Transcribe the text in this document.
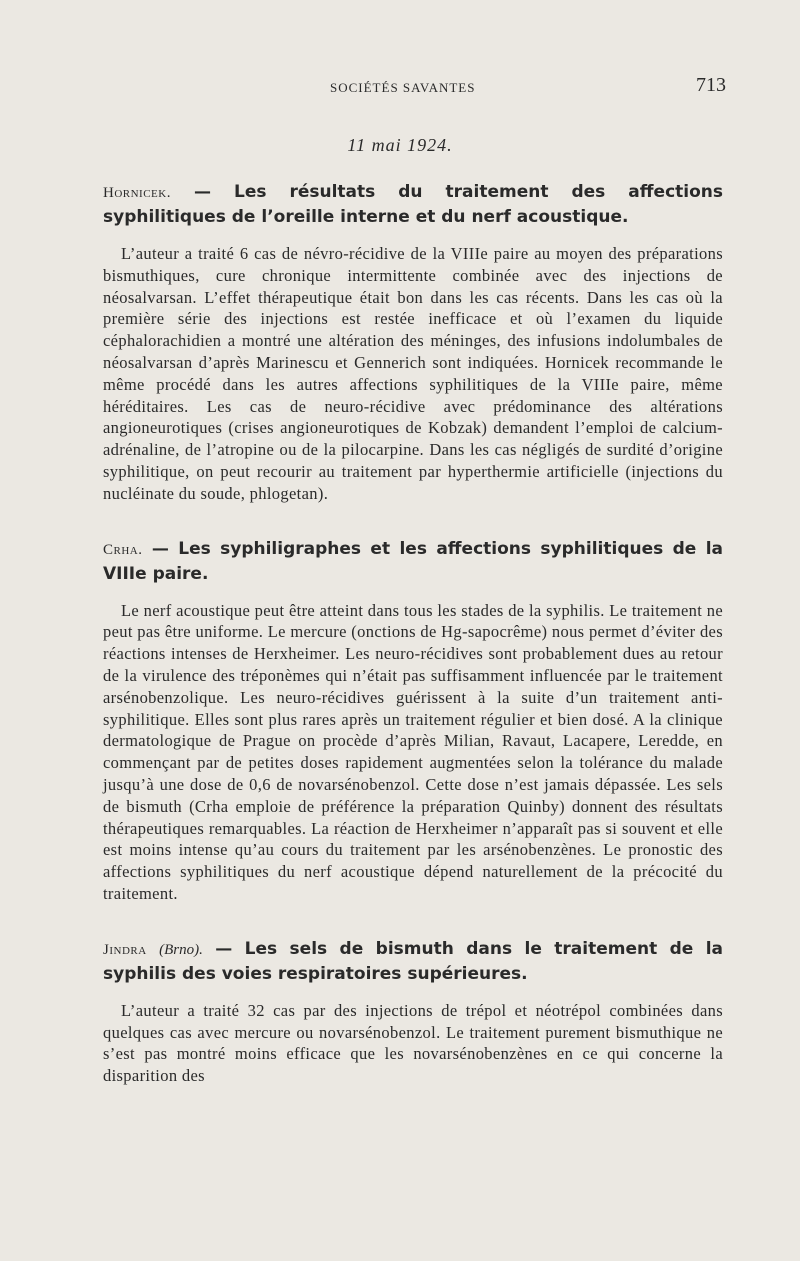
SOCIÉTÉS SAVANTES	713
11 mai 1924.
Hornicek. — Les résultats du traitement des affections syphilitiques de l’oreille interne et du nerf acoustique.
L’auteur a traité 6 cas de névro-récidive de la VIIIe paire au moyen des préparations bismuthiques, cure chronique intermittente combinée avec des injections de néosalvarsan. L’effet thérapeutique était bon dans les cas récents. Dans les cas où la première série des injections est restée inefficace et où l’examen du liquide céphalorachidien a montré une altération des méninges, des infusions indolumbales de néosalvarsan d’après Marinescu et Gennerich sont indiquées. Hornicek recommande le même procédé dans les autres affections syphilitiques de la VIIIe paire, même héréditaires. Les cas de neuro-récidive avec prédominance des altérations angioneurotiques (crises angioneurotiques de Kobzak) demandent l’emploi de calcium-adrénaline, de l’atropine ou de la pilocarpine. Dans les cas négligés de surdité d’origine syphilitique, on peut recourir au traitement par hyperthermie artificielle (injections du nucléinate du soude, phlogetan).
Crha. — Les syphiligraphes et les affections syphilitiques de la VIIIe paire.
Le nerf acoustique peut être atteint dans tous les stades de la syphilis. Le traitement ne peut pas être uniforme. Le mercure (onctions de Hg-sapocrême) nous permet d’éviter des réactions intenses de Herxheimer. Les neuro-récidives sont probablement dues au retour de la virulence des tréponèmes qui n’était pas suffisamment influencée par le traitement arsénobenzolique. Les neuro-récidives guérissent à la suite d’un traitement anti-syphilitique. Elles sont plus rares après un traitement régulier et bien dosé. A la clinique dermatologique de Prague on procède d’après Milian, Ravaut, Lacapere, Leredde, en commençant par de petites doses rapidement augmentées selon la tolérance du malade jusqu’à une dose de 0,6 de novarsénobenzol. Cette dose n’est jamais dépassée. Les sels de bismuth (Crha emploie de préférence la préparation Quinby) donnent des résultats thérapeutiques remarquables. La réaction de Herxheimer n’apparaît pas si souvent et elle est moins intense qu’au cours du traitement par les arsénobenzènes. Le pronostic des affections syphilitiques du nerf acoustique dépend naturellement de la précocité du traitement.
Jindra (Brno). — Les sels de bismuth dans le traitement de la syphilis des voies respiratoires supérieures.
L’auteur a traité 32 cas par des injections de trépol et néotrépol combinées dans quelques cas avec mercure ou novarsénobenzol. Le traitement purement bismuthique ne s’est pas montré moins efficace que les novarsénobenzènes en ce qui concerne la disparition des
